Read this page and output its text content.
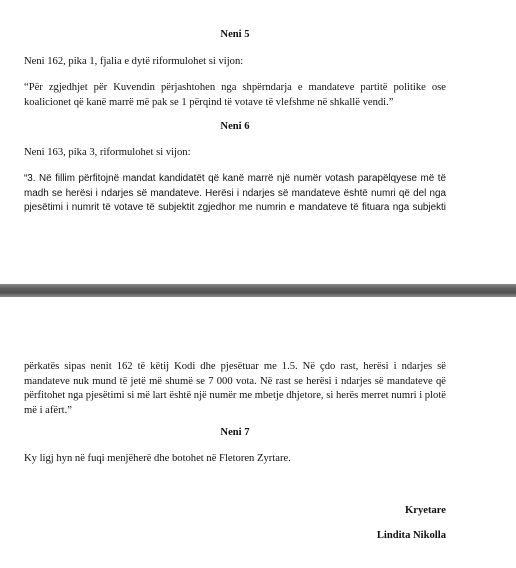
Neni 5
Neni 162, pika 1, fjalia e dytë riformulohet si vijon:
“Për zgjedhjet për Kuvendin përjashtohen nga shpërndarja e mandateve partitë politike ose koalicionet që kanë marrë më pak se 1 përqind të votave të vlefshme në shkallë vendi.”
Neni 6
Neni 163, pika 3, riformulohet si vijon:
“3. Në fillim përfitojnë mandat kandidatët që kanë marrë një numër votash parapëlqyese më të madh se herësi i ndarjes së mandateve. Herësi i ndarjes së mandateve është numri që del nga pjesëtimi i numrit të votave të subjektit zgjedhor me numrin e mandateve të fituara nga subjekti
përkatës sipas nenit 162 të këtij Kodi dhe pjesëtuar me 1.5. Në çdo rast, herësi i ndarjes së mandateve nuk mund të jetë më shumë se 7 000 vota. Në rast se herësi i ndarjes së mandateve që përfitohet nga pjesëtimi si më lart është një numër me mbetje dhjetore, si herës merret numri i plotë më i afërt.”
Neni 7
Ky ligj hyn në fuqi menjëherë dhe botohet në Fletoren Zyrtare.
Kryetare
Lindita Nikolla
